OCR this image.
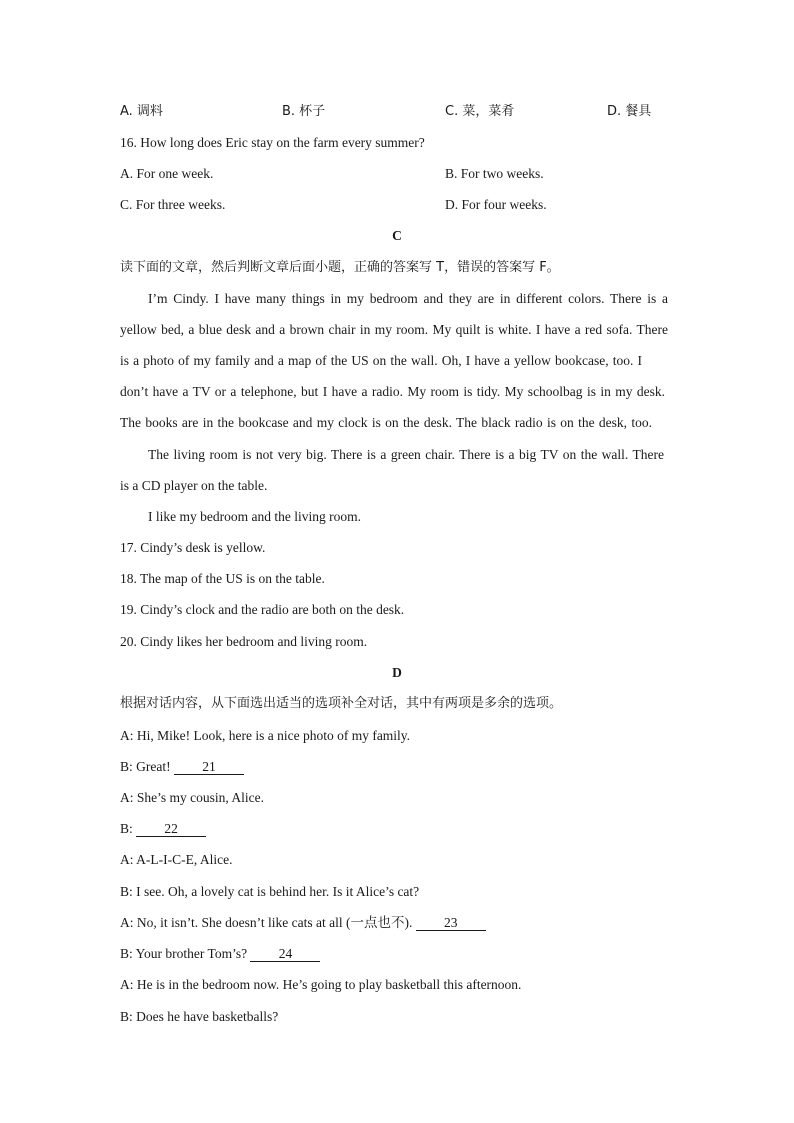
A. 调料	B. 杯子	C. 菜，菜肴	D. 餐具
16. How long does Eric stay on the farm every summer?
A. For one week.	B. For two weeks.
C. For three weeks.	D. For four weeks.
C
读下面的文章，然后判断文章后面小题，正确的答案写 T，错误的答案写 F。
I’m Cindy. I have many things in my bedroom and they are in different colors. There is a
yellow bed, a blue desk and a brown chair in my room. My quilt is white. I have a red sofa. There
is a photo of my family and a map of the US on the wall. Oh, I have a yellow bookcase, too. I
don’t have a TV or a telephone, but I have a radio. My room is tidy. My schoolbag is in my desk.
The books are in the bookcase and my clock is on the desk. The black radio is on the desk, too.
The living room is not very big. There is a green chair. There is a big TV on the wall. There
is a CD player on the table.
I like my bedroom and the living room.
17. Cindy’s desk is yellow.
18. The map of the US is on the table.
19. Cindy’s clock and the radio are both on the desk.
20. Cindy likes her bedroom and living room.
D
根据对话内容，从下面选出适当的选项补全对话，其中有两项是多余的选项。
A: Hi, Mike! Look, here is a nice photo of my family.
B: Great! 21
A: She’s my cousin, Alice.
B: 22
A: A-L-I-C-E, Alice.
B: I see. Oh, a lovely cat is behind her. Is it Alice’s cat?
A: No, it isn’t. She doesn’t like cats at all (一点也不). 23
B: Your brother Tom’s? 24
A: He is in the bedroom now. He’s going to play basketball this afternoon.
B: Does he have basketballs?
